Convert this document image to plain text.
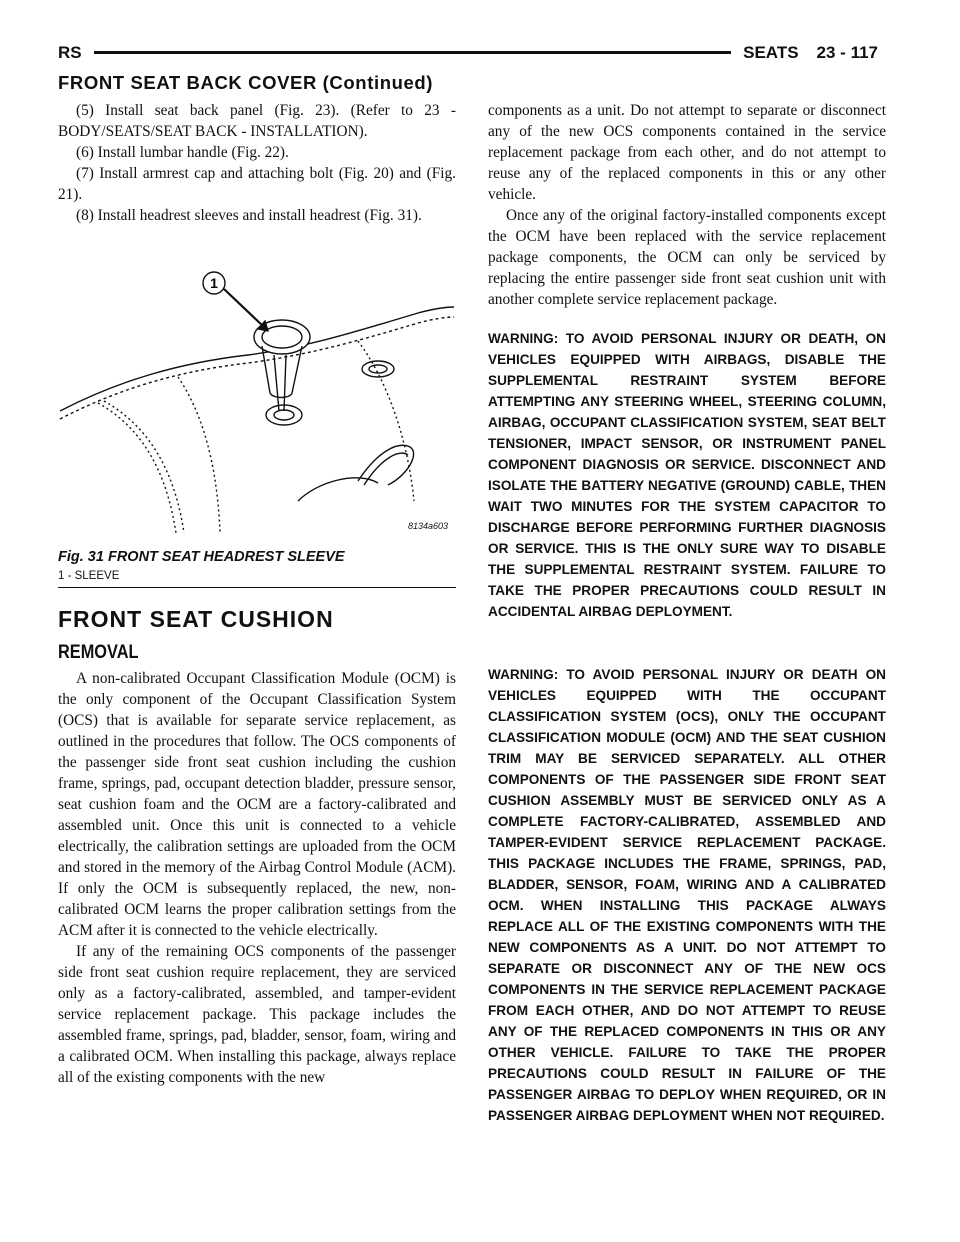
RS	SEATS 23 - 117
FRONT SEAT BACK COVER (Continued)

(5) Install seat back panel (Fig. 23). (Refer to 23 - BODY/SEATS/SEAT BACK - INSTALLATION).

(6) Install lumbar handle (Fig. 22).

(7) Install armrest cap and attaching bolt (Fig. 20) and (Fig. 21).

(8) Install headrest sleeves and install headrest (Fig. 31).

1
8134a603
Fig. 31 FRONT SEAT HEADREST SLEEVE
1 - SLEEVE
FRONT SEAT CUSHION
REMOVAL

A non-calibrated Occupant Classification Module (OCM) is the only component of the Occupant Classification System (OCS) that is available for separate service replacement, as outlined in the procedures that follow. The OCS components of the passenger side front seat cushion including the cushion frame, springs, pad, occupant detection bladder, pressure sensor, seat cushion foam and the OCM are a factory-calibrated and assembled unit. Once this unit is connected to a vehicle electrically, the calibration settings are uploaded from the OCM and stored in the memory of the Airbag Control Module (ACM). If only the OCM is subsequently replaced, the new, non-calibrated OCM learns the proper calibration settings from the ACM after it is connected to the vehicle electrically.

If any of the remaining OCS components of the passenger side front seat cushion require replacement, they are serviced only as a factory-calibrated, assembled, and tamper-evident service replacement package. This package includes the assembled frame, springs, pad, bladder, sensor, foam, wiring and a calibrated OCM. When installing this package, always replace all of the existing components with the new

components as a unit. Do not attempt to separate or disconnect any of the new OCS components contained in the service replacement package from each other, and do not attempt to reuse any of the replaced components in this or any other vehicle.

Once any of the original factory-installed components except the OCM have been replaced with the service replacement package components, the OCM can only be serviced by replacing the entire passenger side front seat cushion unit with another complete service replacement package.

WARNING: TO AVOID PERSONAL INJURY OR DEATH, ON VEHICLES EQUIPPED WITH AIRBAGS, DISABLE THE SUPPLEMENTAL RESTRAINT SYSTEM BEFORE ATTEMPTING ANY STEERING WHEEL, STEERING COLUMN, AIRBAG, OCCUPANT CLASSIFICATION SYSTEM, SEAT BELT TENSIONER, IMPACT SENSOR, OR INSTRUMENT PANEL COMPONENT DIAGNOSIS OR SERVICE. DISCONNECT AND ISOLATE THE BATTERY NEGATIVE (GROUND) CABLE, THEN WAIT TWO MINUTES FOR THE SYSTEM CAPACITOR TO DISCHARGE BEFORE PERFORMING FURTHER DIAGNOSIS OR SERVICE. THIS IS THE ONLY SURE WAY TO DISABLE THE SUPPLEMENTAL RESTRAINT SYSTEM. FAILURE TO TAKE THE PROPER PRECAUTIONS COULD RESULT IN ACCIDENTAL AIRBAG DEPLOYMENT.

WARNING: TO AVOID PERSONAL INJURY OR DEATH ON VEHICLES EQUIPPED WITH THE OCCUPANT CLASSIFICATION SYSTEM (OCS), ONLY THE OCCUPANT CLASSIFICATION MODULE (OCM) AND THE SEAT CUSHION TRIM MAY BE SERVICED SEPARATELY. ALL OTHER COMPONENTS OF THE PASSENGER SIDE FRONT SEAT CUSHION ASSEMBLY MUST BE SERVICED ONLY AS A COMPLETE FACTORY-CALIBRATED, ASSEMBLED AND TAMPER-EVIDENT SERVICE REPLACEMENT PACKAGE. THIS PACKAGE INCLUDES THE FRAME, SPRINGS, PAD, BLADDER, SENSOR, FOAM, WIRING AND A CALIBRATED OCM. WHEN INSTALLING THIS PACKAGE ALWAYS REPLACE ALL OF THE EXISTING COMPONENTS WITH THE NEW COMPONENTS AS A UNIT. DO NOT ATTEMPT TO SEPARATE OR DISCONNECT ANY OF THE NEW OCS COMPONENTS IN THE SERVICE REPLACEMENT PACKAGE FROM EACH OTHER, AND DO NOT ATTEMPT TO REUSE ANY OF THE REPLACED COMPONENTS IN THIS OR ANY OTHER VEHICLE. FAILURE TO TAKE THE PROPER PRECAUTIONS COULD RESULT IN FAILURE OF THE PASSENGER AIRBAG TO DEPLOY WHEN REQUIRED, OR IN PASSENGER AIRBAG DEPLOYMENT WHEN NOT REQUIRED.
